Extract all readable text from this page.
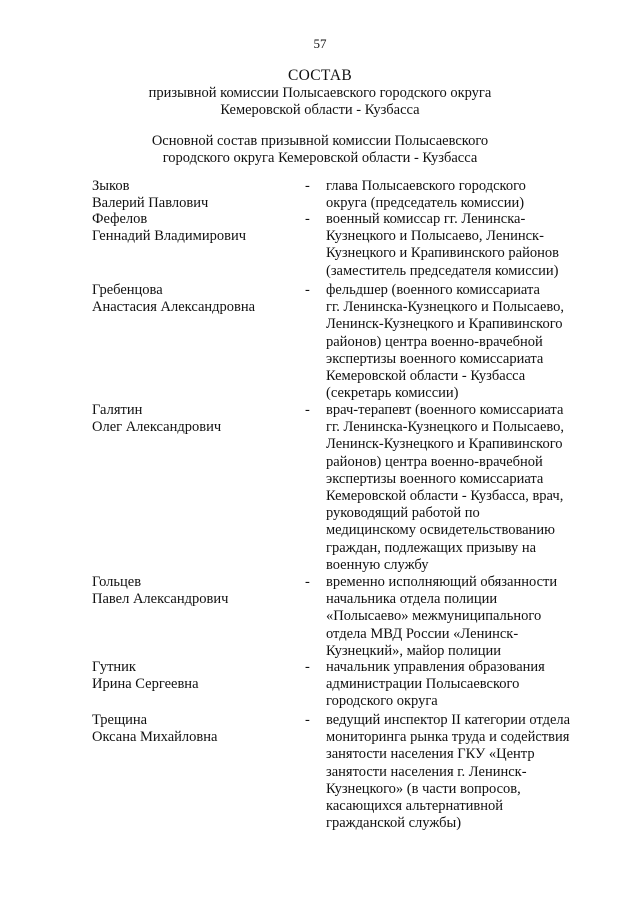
57
СОСТАВ
призывной комиссии Полысаевского городского округа
Кемеровской области - Кузбасса
Основной состав призывной комиссии Полысаевского
городского округа Кемеровской области - Кузбасса
Зыков
Валерий Павлович
- глава Полысаевского городского
округа (председатель комиссии)
Фефелов
Геннадий Владимирович
- военный комиссар гг. Ленинска-
Кузнецкого и Полысаево, Ленинск-
Кузнецкого и Крапивинского районов
(заместитель председателя комиссии)
Гребенцова
Анастасия Александровна
- фельдшер (военного комиссариата
гг. Ленинска-Кузнецкого и Полысаево,
Ленинск-Кузнецкого и Крапивинского
районов) центра военно-врачебной
экспертизы военного комиссариата
Кемеровской области - Кузбасса
(секретарь комиссии)
Галятин
Олег Александрович
- врач-терапевт (военного комиссариата
гг. Ленинска-Кузнецкого и Полысаево,
Ленинск-Кузнецкого и Крапивинского
районов) центра военно-врачебной
экспертизы военного комиссариата
Кемеровской области - Кузбасса, врач,
руководящий работой по
медицинскому освидетельствованию
граждан, подлежащих призыву на
военную службу
Гольцев
Павел Александрович
- временно исполняющий обязанности
начальника отдела полиции
«Полысаево» межмуниципального
отдела МВД России «Ленинск-
Кузнецкий», майор полиции
Гутник
Ирина Сергеевна
- начальник управления образования
администрации Полысаевского
городского округа
Трещина
Оксана Михайловна
- ведущий инспектор II категории отдела
мониторинга рынка труда и содействия
занятости населения ГКУ «Центр
занятости населения г. Ленинск-
Кузнецкого» (в части вопросов,
касающихся альтернативной
гражданской службы)
